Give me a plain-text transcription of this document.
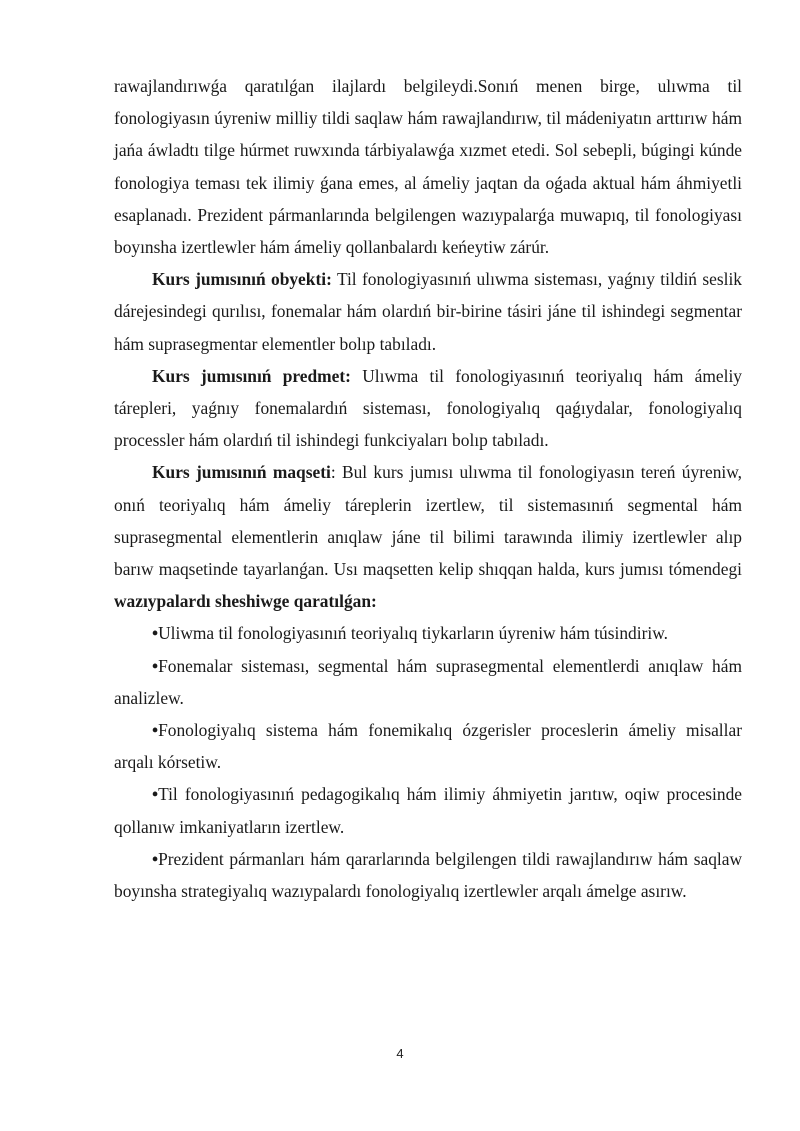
rawajlandırıwǵa qaratılǵan ilajlardı belgileydi.Sonıń menen birge, ulıwma til fonologiyasın úyreniw milliy tildi saqlaw hám rawajlandırıw, til mádeniyatın arttırıw hám jańa áwladtı tilge húrmet ruwxında tárbiyalawǵa xızmet etedi. Sol sebepli, búgingi kúnde fonologiya teması tek ilimiy ǵana emes, al ámeliy jaqtan da oǵada aktual hám áhmiyetli esaplanadı. Prezident pármanlarında belgilengen wazıypalarǵa muwapıq, til fonologiyası boyınsha izertlewler hám ámeliy qollanbalardı keńeytiw zárúr.

Kurs jumısınıń obyekti: Til fonologiyasınıń ulıwma sisteması, yaǵnıy tildiń seslik dárejesindegi qurılısı, fonemalar hám olardıń bir-birine tásiri jáne til ishindegi segmentar hám suprasegmentar elementler bolıp tabıladı.

Kurs jumısınıń predmet: Ulıwma til fonologiyasınıń teoriyalıq hám ámeliy tárepleri, yaǵnıy fonemalardıń sisteması, fonologiyalıq qaǵıydalar, fonologiyalıq processler hám olardıń til ishindegi funkciyaları bolıp tabıladı.

Kurs jumısınıń maqseti: Bul kurs jumısı ulıwma til fonologiyasın tereń úyreniw, onıń teoriyalıq hám ámeliy táreplerin izertlew, til sistemasınıń segmental hám suprasegmental elementlerin anıqlaw jáne til bilimi tarawında ilimiy izertlewler alıp barıw maqsetinde tayarlanǵan. Usı maqsetten kelip shıqqan halda, kurs jumısı tómendegi wazıypalardı sheshiwge qaratılǵan:

•Uliwma til fonologiyasınıń teoriyalıq tiykarların úyreniw hám túsindiriw.

•Fonemalar sisteması, segmental hám suprasegmental elementlerdi anıqlaw hám analizlew.

•Fonologiyalıq sistema hám fonemikalıq ózgerisler proceslerin ámeliy misallar arqalı kórsetiw.

•Til fonologiyasınıń pedagogikalıq hám ilimiy áhmiyetin jarıtıw, oqiw procesinde qollanıw imkaniyatların izertlew.

•Prezident pármanları hám qararlarında belgilengen tildi rawajlandırıw hám saqlaw boyınsha strategiyalıq wazıypalardı fonologiyalıq izertlewler arqalı ámelge asırıw.

4
